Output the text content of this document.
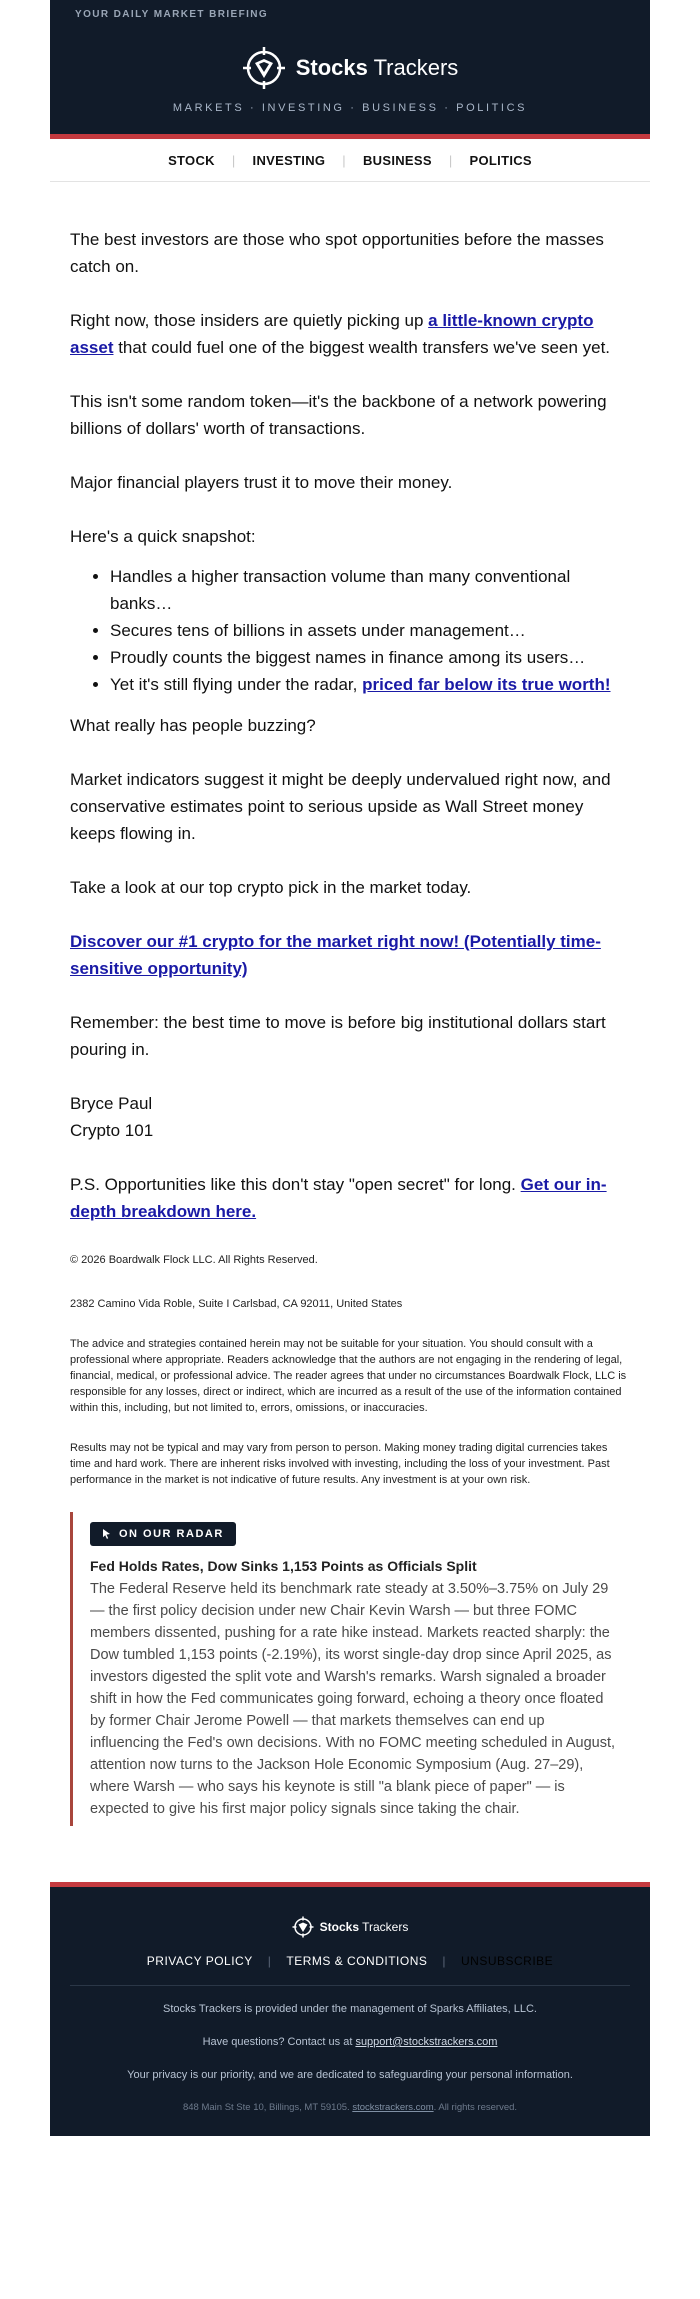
YOUR DAILY MARKET BRIEFING
Stocks Trackers
MARKETS · INVESTING · BUSINESS · POLITICS
STOCK	|	INVESTING	|	BUSINESS	|	POLITICS

The best investors are those who spot opportunities before the masses catch on.

Right now, those insiders are quietly picking up a little-known crypto asset that could fuel one of the biggest wealth transfers we've seen yet.

This isn't some random token—it's the backbone of a network powering billions of dollars' worth of transactions.

Major financial players trust it to move their money.

Here's a quick snapshot:

• Handles a higher transaction volume than many conventional banks…
• Secures tens of billions in assets under management…
• Proudly counts the biggest names in finance among its users…
• Yet it's still flying under the radar, priced far below its true worth!

What really has people buzzing?

Market indicators suggest it might be deeply undervalued right now, and conservative estimates point to serious upside as Wall Street money keeps flowing in.

Take a look at our top crypto pick in the market today.

Discover our #1 crypto for the market right now! (Potentially time-sensitive opportunity)

Remember: the best time to move is before big institutional dollars start pouring in.

Bryce Paul
Crypto 101

P.S. Opportunities like this don't stay "open secret" for long. Get our in-depth breakdown here.

© 2026 Boardwalk Flock LLC. All Rights Reserved.

2382 Camino Vida Roble, Suite I Carlsbad, CA 92011, United States

The advice and strategies contained herein may not be suitable for your situation. You should consult with a professional where appropriate. Readers acknowledge that the authors are not engaging in the rendering of legal, financial, medical, or professional advice. The reader agrees that under no circumstances Boardwalk Flock, LLC is responsible for any losses, direct or indirect, which are incurred as a result of the use of the information contained within this, including, but not limited to, errors, omissions, or inaccuracies.

Results may not be typical and may vary from person to person. Making money trading digital currencies takes time and hard work. There are inherent risks involved with investing, including the loss of your investment. Past performance in the market is not indicative of future results. Any investment is at your own risk.

ON OUR RADAR
Fed Holds Rates, Dow Sinks 1,153 Points as Officials Split
The Federal Reserve held its benchmark rate steady at 3.50%–3.75% on July 29 — the first policy decision under new Chair Kevin Warsh — but three FOMC members dissented, pushing for a rate hike instead. Markets reacted sharply: the Dow tumbled 1,153 points (-2.19%), its worst single-day drop since April 2025, as investors digested the split vote and Warsh's remarks. Warsh signaled a broader shift in how the Fed communicates going forward, echoing a theory once floated by former Chair Jerome Powell — that markets themselves can end up influencing the Fed's own decisions. With no FOMC meeting scheduled in August, attention now turns to the Jackson Hole Economic Symposium (Aug. 27–29), where Warsh — who says his keynote is still "a blank piece of paper" — is expected to give his first major policy signals since taking the chair.
Stocks Trackers
PRIVACY POLICY	|	TERMS & CONDITIONS	|	UNSUBSCRIBE

Stocks Trackers is provided under the management of Sparks Affiliates, LLC.

Have questions? Contact us at support@stockstrackers.com

Your privacy is our priority, and we are dedicated to safeguarding your personal information.

848 Main St Ste 10, Billings, MT 59105. stockstrackers.com. All rights reserved.
